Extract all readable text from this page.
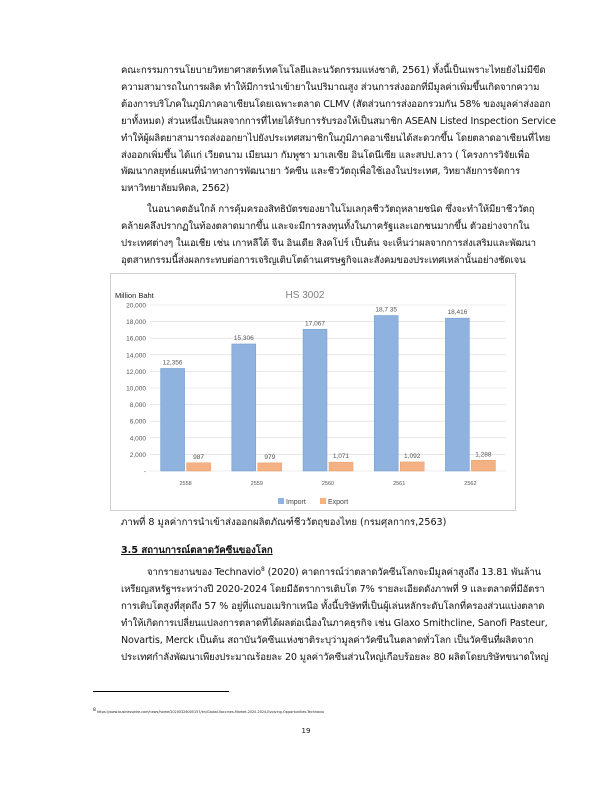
คณะกรรมการนโยบายวิทยาศาสตร์เทคโนโลยีและนวัตกรรมแห่งชาติ, 2561) ทั้งนี้เป็นเพราะไทยยังไม่มีขีด
ความสามารถในการผลิต ทำให้มีการนำเข้ายาในปริมาณสูง ส่วนการส่งออกที่มีมูลค่าเพิ่มขึ้นเกิดจากความ
ต้องการบริโภคในภูมิภาคอาเซียนโดยเฉพาะตลาด CLMV (สัดส่วนการส่งออกรวมกัน 58% ของมูลค่าส่งออก
ยาทั้งหมด) ส่วนหนึ่งเป็นผลจากการที่ไทยได้รับการรับรองให้เป็นสมาชิก ASEAN Listed Inspection Service
ทำให้ผู้ผลิตยาสามารถส่งออกยาไปยังประเทศสมาชิกในภูมิภาคอาเซียนได้สะดวกขึ้น โดยตลาดอาเซียนที่ไทย
ส่งออกเพิ่มขึ้น ได้แก่ เวียดนาม เมียนมา กัมพูชา มาเลเซีย อินโดนีเซีย และสปป.ลาว ( โครงการวิจัยเพื่อ
พัฒนากลยุทธ์แผนที่นำทางการพัฒนายา วัคซีน และชีววัตถุเพื่อใช้เองในประเทศ, วิทยาลัยการจัดการ
มหาวิทยาลัยมหิดล, 2562)
ในอนาคตอันใกล้ การคุ้มครองสิทธิบัตรของยาในโมเลกุลชีววัตถุหลายชนิด ซึ่งจะทำให้มียาชีววัตถุ
คล้ายคลึงปรากฏในท้องตลาดมากขึ้น และจะมีการลงทุนทั้งในภาครัฐและเอกชนมากขึ้น ตัวอย่างจากใน
ประเทศต่างๆ ในเอเชีย เช่น เกาหลีใต้ จีน อินเดีย สิงคโปร์ เป็นต้น จะเห็นว่าผลจากการส่งเสริมและพัฒนา
อุตสาหกรรมนี้ส่งผลกระทบต่อการเจริญเติบโตด้านเศรษฐกิจและสังคมของประเทศเหล่านั้นอย่างชัดเจน
-
2,000
4,000
6,000
8,000
10,000
12,000
14,000
16,000
18,000
20,000
12,356
987
2558
15,306
979
2559
17,067
1,071
2560
18,7 35
1,092
2561
18,416
1,288
2562
HS 3002
Million Baht
Import	Export
ภาพที่ 8 มูลค่าการนำเข้าส่งออกผลิตภัณฑ์ชีววัตถุของไทย (กรมศุลกากร,2563)
3.5 สถานการณ์ตลาดวัคซีนของโลก
จากรายงานของ Technavio$^8$ (2020) คาดการณ์ว่าตลาดวัคซีนโลกจะมีมูลค่าสูงถึง 13.81 พันล้าน
เหรียญสหรัฐฯระหว่างปี 2020-2024 โดยมีอัตราการเติบโต 7% รายละเอียดดังภาพที่ 9 และตลาดที่มีอัตรา
การเติบโตสูงที่สุดถึง 57 % อยู่ที่แถบอเมริกาเหนือ ทั้งนี้บริษัทที่เป็นผู้เล่นหลักระดับโลกที่ครองส่วนแบ่งตลาด
ทำให้เกิดการเปลี่ยนแปลงการตลาดที่ได้ผลต่อเนื่องในภาคธุรกิจ เช่น Glaxo Smithcline, Sanofi Pasteur,
Novartis, Merck เป็นต้น สถาบันวัคซีนแห่งชาติระบุว่ามูลค่าวัคซีนในตลาดทั่วโลก เป็นวัคซีนที่ผลิตจาก
ประเทศกำลังพัฒนาเพียงประมาณร้อยละ 20 มูลค่าวัคซีนส่วนใหญ่เกือบร้อยละ 80 ผลิตโดยบริษัทขนาดใหญ่
$^8$ https://www.businesswire.com/news/home/20200326005157/en/Global-Vaccines-Market-2020-2024-Evolving-Opportunities-Technavio
19
